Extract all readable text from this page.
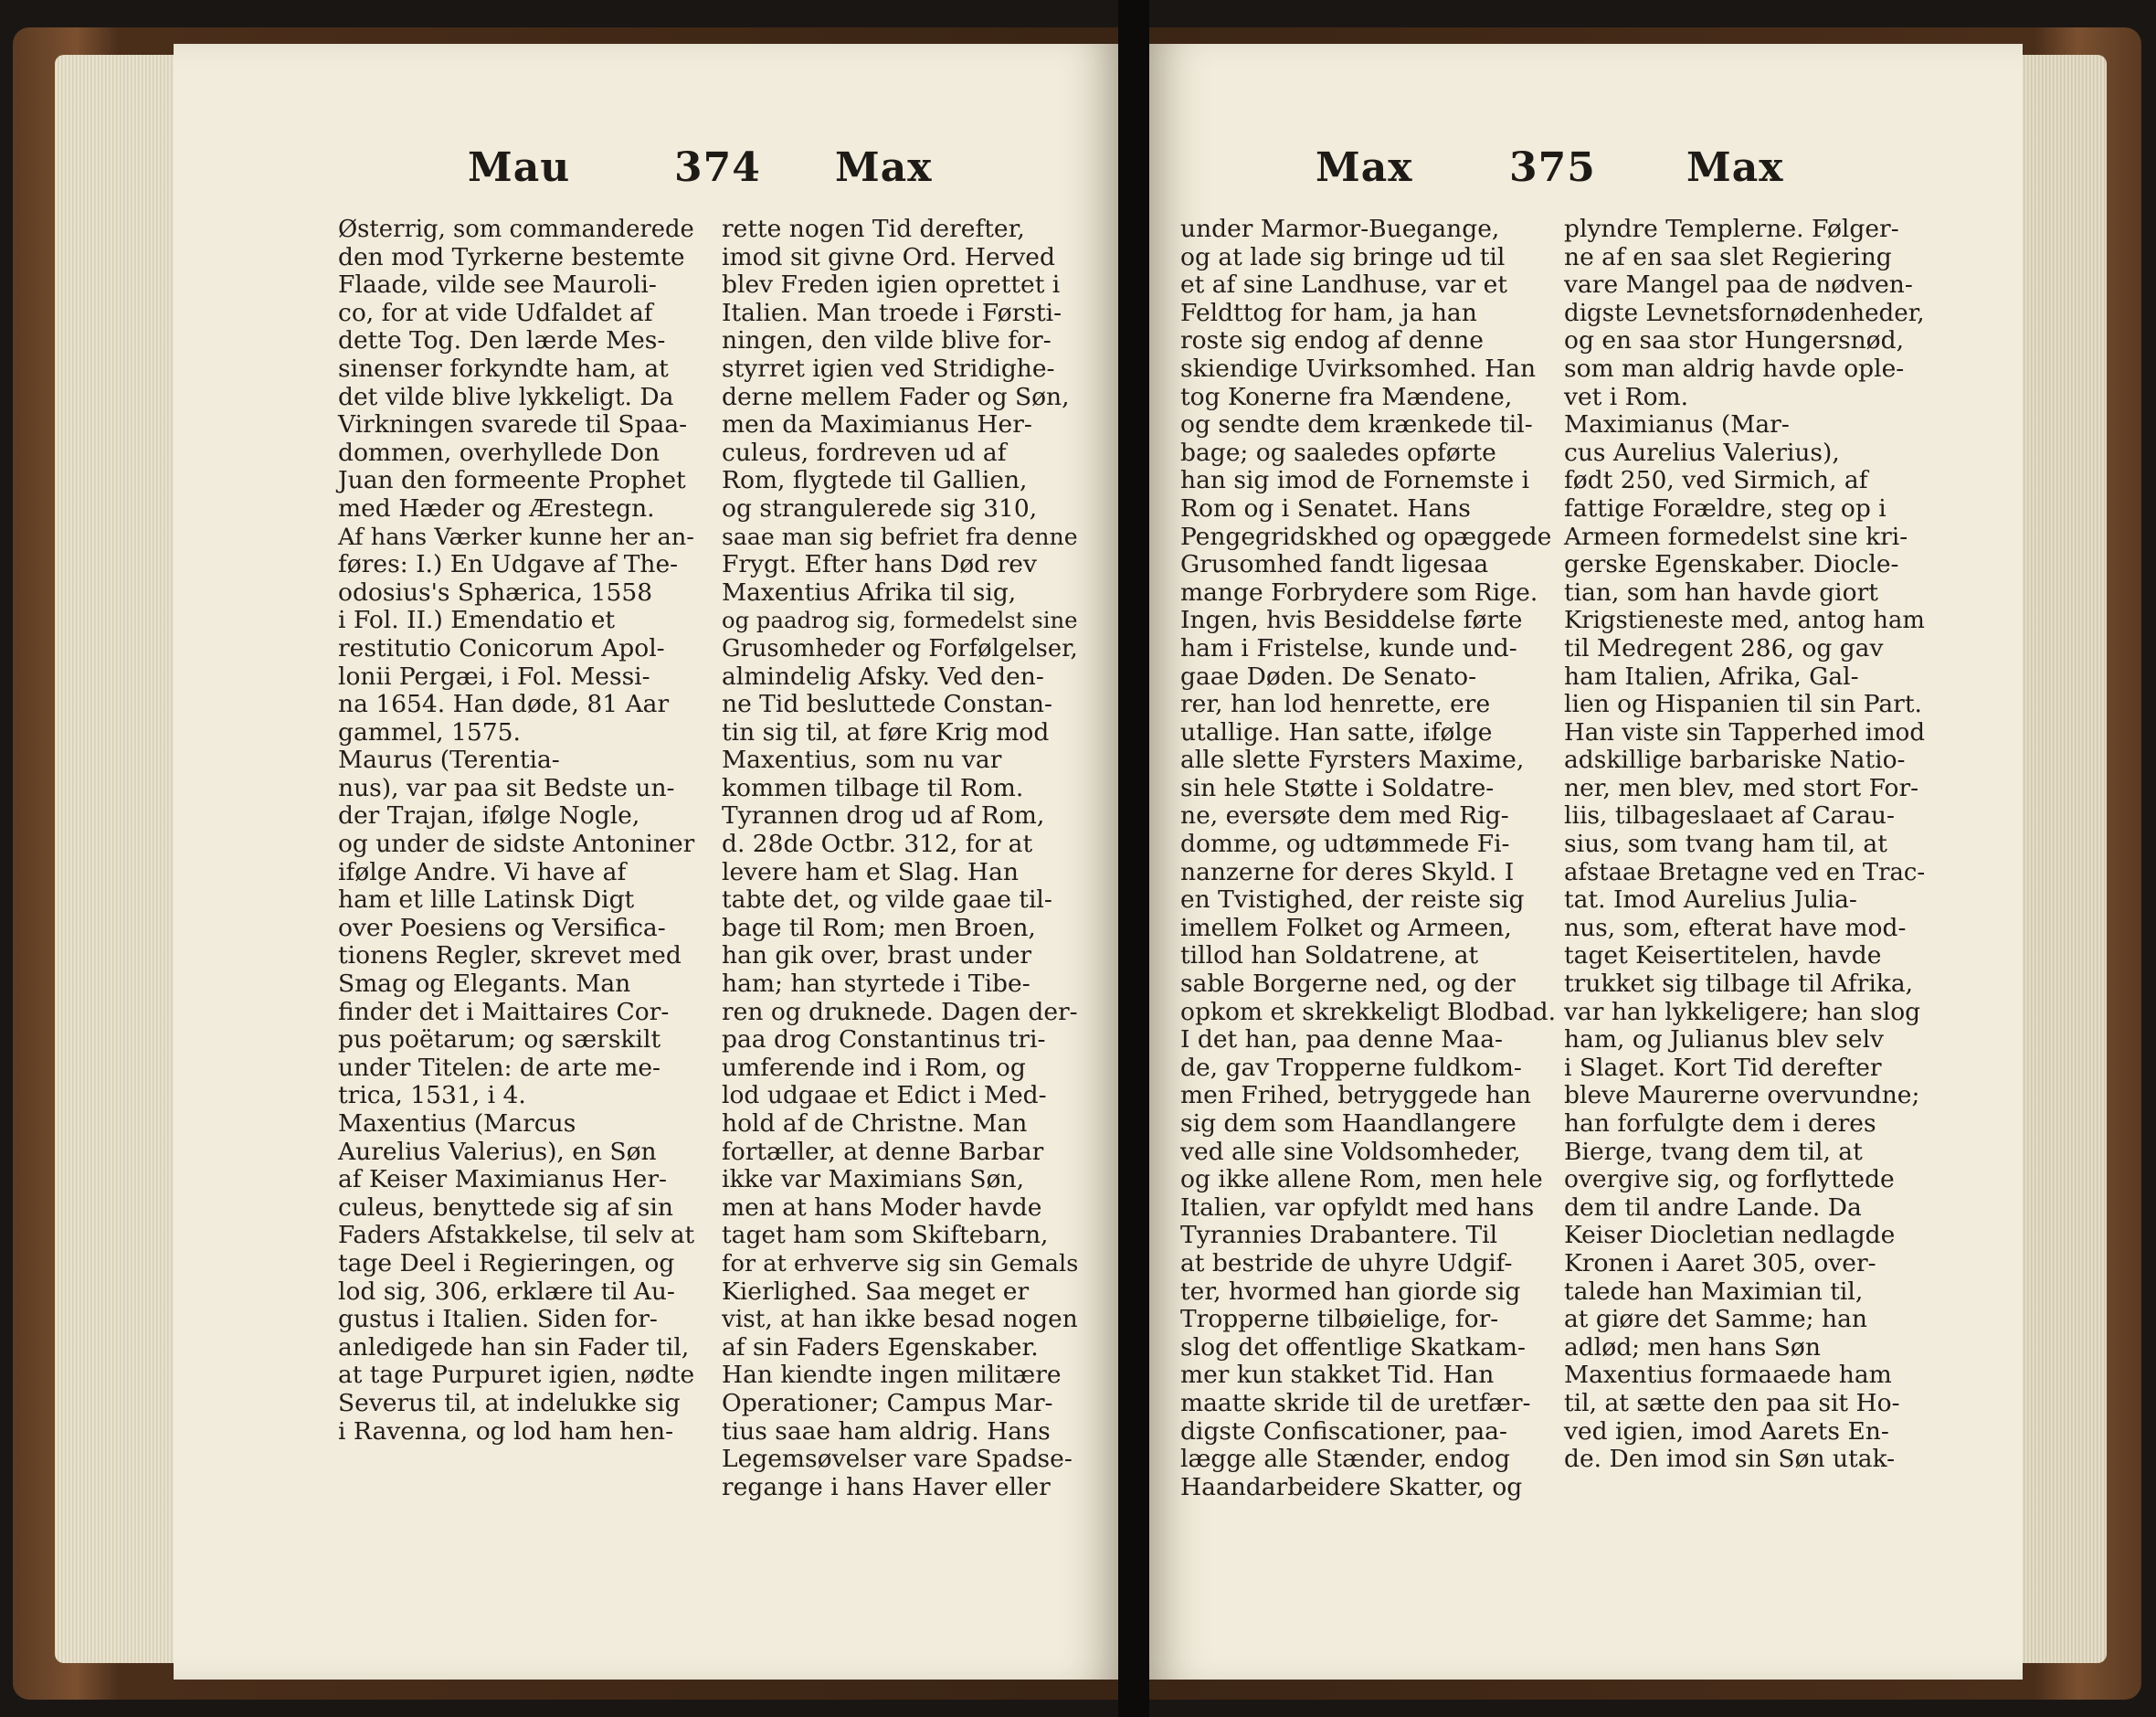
Mau	374 Max	Max 375 Max

Østerrig, som commanderede
den mod Tyrkerne bestemte
Flaade, vilde see Mauroli-
co, for at vide Udfaldet af
dette Tog. Den lærde Mes-
sinenser forkyndte ham, at
det vilde blive lykkeligt. Da
Virkningen svarede til Spaa-
dommen, overhyllede Don
Juan den formeente Prophet
med Hæder og Ærestegn.
Af hans Værker kunne her an-
føres: I.) En Udgave af The-
odosius's Sphærica, 1558
i Fol. II.) Emendatio et
restitutio Conicorum Apol-
lonii Pergæi, i Fol. Messi-
na 1654. Han døde, 81 Aar
gammel, 1575.

Maurus (Terentia-
nus), var paa sit Bedste un-
der Trajan, ifølge Nogle,
og under de sidste Antoniner
ifølge Andre. Vi have af
ham et lille Latinsk Digt
over Poesiens og Versifica-
tionens Regler, skrevet med
Smag og Elegants. Man
finder det i Maittaires Cor-
pus poëtarum; og særskilt
under Titelen: de arte me-
trica, 1531, i 4.

Maxentius (Marcus
Aurelius Valerius), en Søn
af Keiser Maximianus Her-
culeus, benyttede sig af sin
Faders Afstakkelse, til selv at
tage Deel i Regieringen, og
lod sig, 306, erklære til Au-
gustus i Italien. Siden for-
anledigede han sin Fader til,
at tage Purpuret igien, nødte
Severus til, at indelukke sig
i Ravenna, og lod ham hen-

rette nogen Tid derefter,
imod sit givne Ord. Herved
blev Freden igien oprettet i
Italien. Man troede i Førsti-
ningen, den vilde blive for-
styrret igien ved Stridighe-
derne mellem Fader og Søn,
men da Maximianus Her-
culeus, fordreven ud af
Rom, flygtede til Gallien,
og strangulerede sig 310,
saae man sig befriet fra denne
Frygt. Efter hans Død rev
Maxentius Afrika til sig,
og paadrog sig, formedelst sine
Grusomheder og Forfølgelser,
almindelig Afsky. Ved den-
ne Tid besluttede Constan-
tin sig til, at føre Krig mod
Maxentius, som nu var
kommen tilbage til Rom.
Tyrannen drog ud af Rom,
d. 28de Octbr. 312, for at
levere ham et Slag. Han
tabte det, og vilde gaae til-
bage til Rom; men Broen,
han gik over, brast under
ham; han styrtede i Tibe-
ren og druknede. Dagen der-
paa drog Constantinus tri-
umferende ind i Rom, og
lod udgaae et Edict i Med-
hold af de Christne. Man
fortæller, at denne Barbar
ikke var Maximians Søn,
men at hans Moder havde
taget ham som Skiftebarn,
for at erhverve sig sin Gemals
Kierlighed. Saa meget er
vist, at han ikke besad nogen
af sin Faders Egenskaber.
Han kiendte ingen militære
Operationer; Campus Mar-
tius saae ham aldrig. Hans
Legemsøvelser vare Spadse-
regange i hans Haver eller

under Marmor-Buegange,
og at lade sig bringe ud til
et af sine Landhuse, var et
Feldttog for ham, ja han
roste sig endog af denne
skiendige Uvirksomhed. Han
tog Konerne fra Mændene,
og sendte dem krænkede til-
bage; og saaledes opførte
han sig imod de Fornemste i
Rom og i Senatet. Hans
Pengegridskhed og opæggede
Grusomhed fandt ligesaa
mange Forbrydere som Rige.
Ingen, hvis Besiddelse førte
ham i Fristelse, kunde und-
gaae Døden. De Senato-
rer, han lod henrette, ere
utallige. Han satte, ifølge
alle slette Fyrsters Maxime,
sin hele Støtte i Soldatre-
ne, eversøte dem med Rig-
domme, og udtømmede Fi-
nanzerne for deres Skyld. I
en Tvistighed, der reiste sig
imellem Folket og Armeen,
tillod han Soldatrene, at
sable Borgerne ned, og der
opkom et skrekkeligt Blodbad.
I det han, paa denne Maa-
de, gav Tropperne fuldkom-
men Frihed, betryggede han
sig dem som Haandlangere
ved alle sine Voldsomheder,
og ikke allene Rom, men hele
Italien, var opfyldt med hans
Tyrannies Drabantere. Til
at bestride de uhyre Udgif-
ter, hvormed han giorde sig
Tropperne tilbøielige, for-
slog det offentlige Skatkam-
mer kun stakket Tid. Han
maatte skride til de uretfær-
digste Confiscationer, paa-
lægge alle Stænder, endog
Haandarbeidere Skatter, og

plyndre Templerne. Følger-
ne af en saa slet Regiering
vare Mangel paa de nødven-
digste Levnetsfornødenheder,
og en saa stor Hungersnød,
som man aldrig havde ople-
vet i Rom.

Maximianus (Mar-
cus Aurelius Valerius),
født 250, ved Sirmich, af
fattige Forældre, steg op i
Armeen formedelst sine kri-
gerske Egenskaber. Diocle-
tian, som han havde giort
Krigstieneste med, antog ham
til Medregent 286, og gav
ham Italien, Afrika, Gal-
lien og Hispanien til sin Part.
Han viste sin Tapperhed imod
adskillige barbariske Natio-
ner, men blev, med stort For-
liis, tilbageslaaet af Carau-
sius, som tvang ham til, at
afstaae Bretagne ved en Trac-
tat. Imod Aurelius Julia-
nus, som, efterat have mod-
taget Keisertitelen, havde
trukket sig tilbage til Afrika,
var han lykkeligere; han slog
ham, og Julianus blev selv
i Slaget. Kort Tid derefter
bleve Maurerne overvundne;
han forfulgte dem i deres
Bierge, tvang dem til, at
overgive sig, og forflyttede
dem til andre Lande. Da
Keiser Diocletian nedlagde
Kronen i Aaret 305, over-
talede han Maximian til,
at giøre det Samme; han
adlød; men hans Søn
Maxentius formaaede ham
til, at sætte den paa sit Ho-
ved igien, imod Aarets En-
de. Den imod sin Søn utak-
